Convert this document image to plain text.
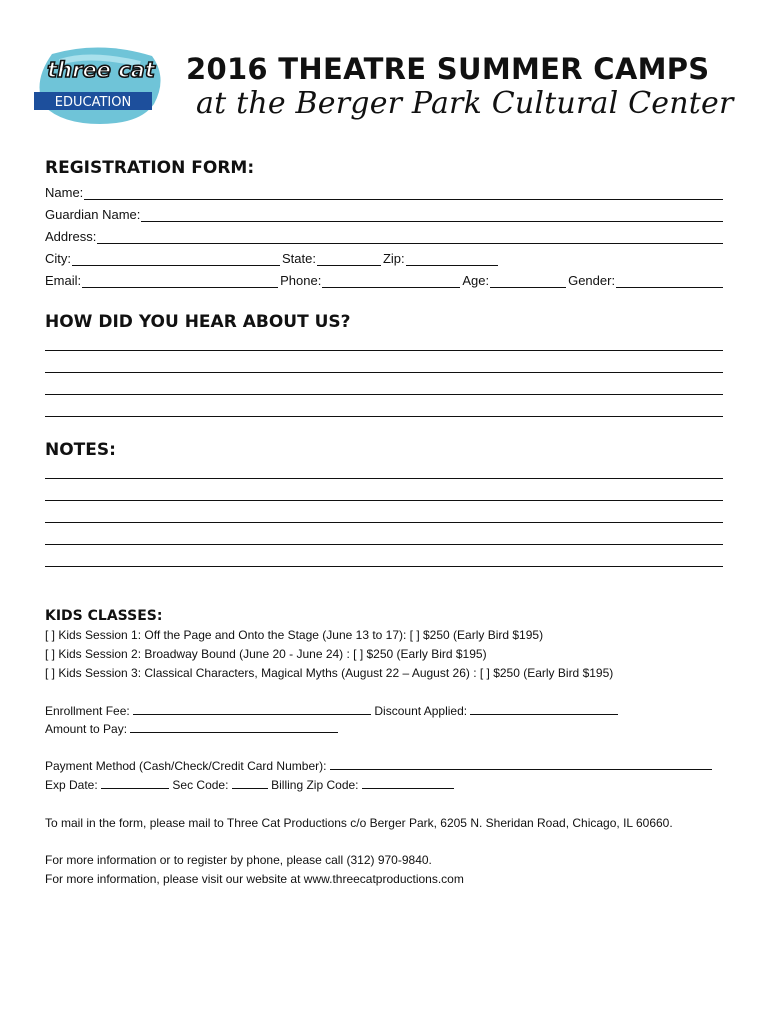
three cat
EDUCATION
2016 THEATRE SUMMER CAMPS
at the Berger Park Cultural Center
REGISTRATION FORM:
Name:
Guardian Name:
Address:
City:	State:	Zip:
Email:	Phone:	Age:	Gender:
HOW DID YOU HEAR ABOUT US?
NOTES:
KIDS CLASSES:
[ ] Kids Session 1: Off the Page and Onto the Stage (June 13 to 17): [ ] $250 (Early Bird $195)
[ ] Kids Session 2: Broadway Bound (June 20 - June 24) : [ ] $250 (Early Bird $195)
[ ] Kids Session 3: Classical Characters, Magical Myths (August 22 – August 26) : [ ] $250 (Early Bird $195)
Enrollment Fee:	Discount Applied:
Amount to Pay:
Payment Method (Cash/Check/Credit Card Number):
Exp Date:	Sec Code:	Billing Zip Code:
To mail in the form, please mail to Three Cat Productions c/o Berger Park, 6205 N. Sheridan Road, Chicago, IL 60660.
For more information or to register by phone, please call (312) 970-9840.
For more information, please visit our website at www.threecatproductions.com
